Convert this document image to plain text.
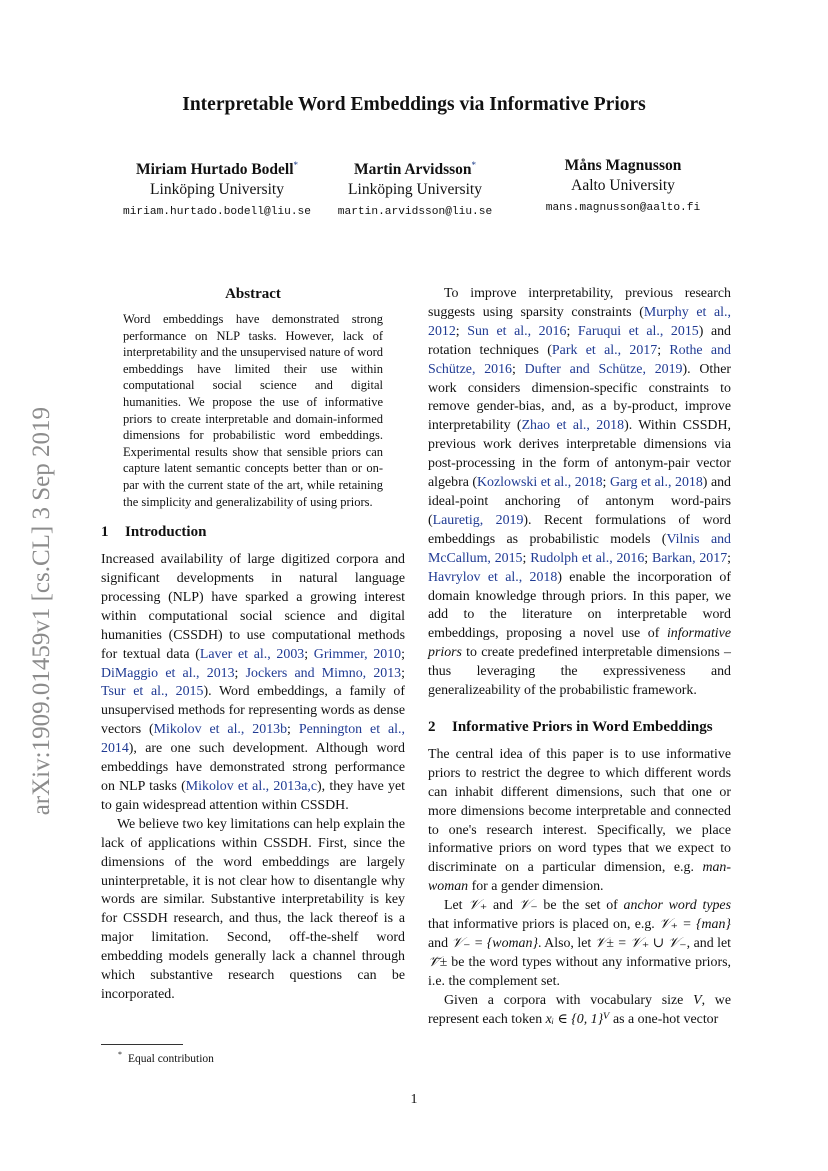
arXiv:1909.01459v1 [cs.CL] 3 Sep 2019
Interpretable Word Embeddings via Informative Priors
Miriam Hurtado Bodell*
Linköping University
miriam.hurtado.bodell@liu.se
Martin Arvidsson*
Linköping University
martin.arvidsson@liu.se
Måns Magnusson
Aalto University
mans.magnusson@aalto.fi
Abstract
Word embeddings have demonstrated strong performance on NLP tasks. However, lack of interpretability and the unsupervised nature of word embeddings have limited their use within computational social science and digital humanities. We propose the use of informative priors to create interpretable and domain-informed dimensions for probabilistic word embeddings. Experimental results show that sensible priors can capture latent semantic concepts better than or on-par with the current state of the art, while retaining the simplicity and generalizability of using priors.
1	Introduction

Increased availability of large digitized corpora and significant developments in natural language processing (NLP) have sparked a growing interest within computational social science and digital humanities (CSSDH) to use computational methods for textual data (Laver et al., 2003; Grimmer, 2010; DiMaggio et al., 2013; Jockers and Mimno, 2013; Tsur et al., 2015). Word embeddings, a family of unsupervised methods for representing words as dense vectors (Mikolov et al., 2013b; Pennington et al., 2014), are one such development. Although word embeddings have demonstrated strong performance on NLP tasks (Mikolov et al., 2013a,c), they have yet to gain widespread attention within CSSDH.

We believe two key limitations can help explain the lack of applications within CSSDH. First, since the dimensions of the word embeddings are largely uninterpretable, it is not clear how to disentangle why words are similar. Substantive interpretability is key for CSSDH research, and thus, the lack thereof is a major limitation. Second, off-the-shelf word embedding models generally lack a channel through which substantive research questions can be incorporated.

To improve interpretability, previous research suggests using sparsity constraints (Murphy et al., 2012; Sun et al., 2016; Faruqui et al., 2015) and rotation techniques (Park et al., 2017; Rothe and Schütze, 2016; Dufter and Schütze, 2019). Other work considers dimension-specific constraints to remove gender-bias, and, as a by-product, improve interpretability (Zhao et al., 2018). Within CSSDH, previous work derives interpretable dimensions via post-processing in the form of antonym-pair vector algebra (Kozlowski et al., 2018; Garg et al., 2018) and ideal-point anchoring of antonym word-pairs (Lauretig, 2019). Recent formulations of word embeddings as probabilistic models (Vilnis and McCallum, 2015; Rudolph et al., 2016; Barkan, 2017; Havrylov et al., 2018) enable the incorporation of domain knowledge through priors. In this paper, we add to the literature on interpretable word embeddings, proposing a novel use of informative priors to create predefined interpretable dimensions – thus leveraging the expressiveness and generalizeability of the probabilistic framework.

2	Informative Priors in Word Embeddings

The central idea of this paper is to use informative priors to restrict the degree to which different words can inhabit different dimensions, such that one or more dimensions become interpretable and connected to one's research interest. Specifically, we place informative priors on word types that we expect to discriminate on a particular dimension, e.g. man-woman for a gender dimension.

Let 𝒱₊ and 𝒱₋ be the set of anchor word types that informative priors is placed on, e.g. 𝒱₊ = {man} and 𝒱₋ = {woman}. Also, let 𝒱± = 𝒱₊ ∪ 𝒱₋, and let 𝒱̄± be the word types without any informative priors, i.e. the complement set.

Given a corpora with vocabulary size V, we represent each token xᵢ ∈ {0, 1}ⱽ as a one-hot vector

* Equal contribution
1
